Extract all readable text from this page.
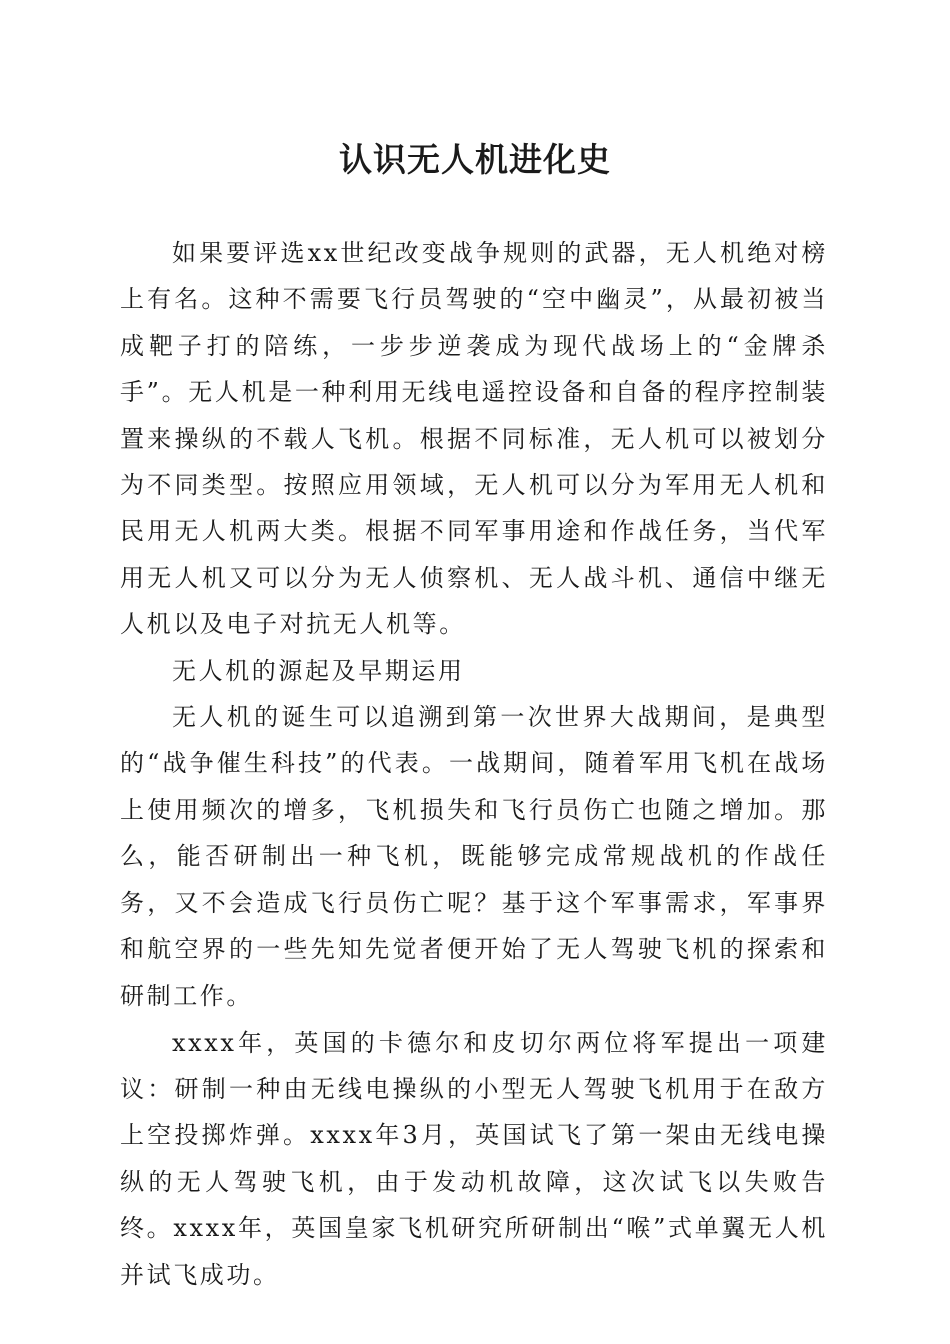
认识无人机进化史

如果要评选xx世纪改变战争规则的武器，无人机绝对榜上有名。这种不需要飞行员驾驶的“空中幽灵”，从最初被当成靶子打的陪练，一步步逆袭成为现代战场上的“金牌杀手”。无人机是一种利用无线电遥控设备和自备的程序控制装置来操纵的不载人飞机。根据不同标准，无人机可以被划分为不同类型。按照应用领域，无人机可以分为军用无人机和民用无人机两大类。根据不同军事用途和作战任务，当代军用无人机又可以分为无人侦察机、无人战斗机、通信中继无人机以及电子对抗无人机等。

无人机的源起及早期运用

无人机的诞生可以追溯到第一次世界大战期间，是典型的“战争催生科技”的代表。一战期间，随着军用飞机在战场上使用频次的增多，飞机损失和飞行员伤亡也随之增加。那么，能否研制出一种飞机，既能够完成常规战机的作战任务，又不会造成飞行员伤亡呢？基于这个军事需求，军事界和航空界的一些先知先觉者便开始了无人驾驶飞机的探索和研制工作。

xxxx年，英国的卡德尔和皮切尔两位将军提出一项建议：研制一种由无线电操纵的小型无人驾驶飞机用于在敌方上空投掷炸弹。xxxx年3月，英国试飞了第一架由无线电操纵的无人驾驶飞机，由于发动机故障，这次试飞以失败告终。xxxx年，英国皇家飞机研究所研制出“喉”式单翼无人机并试飞成功。
